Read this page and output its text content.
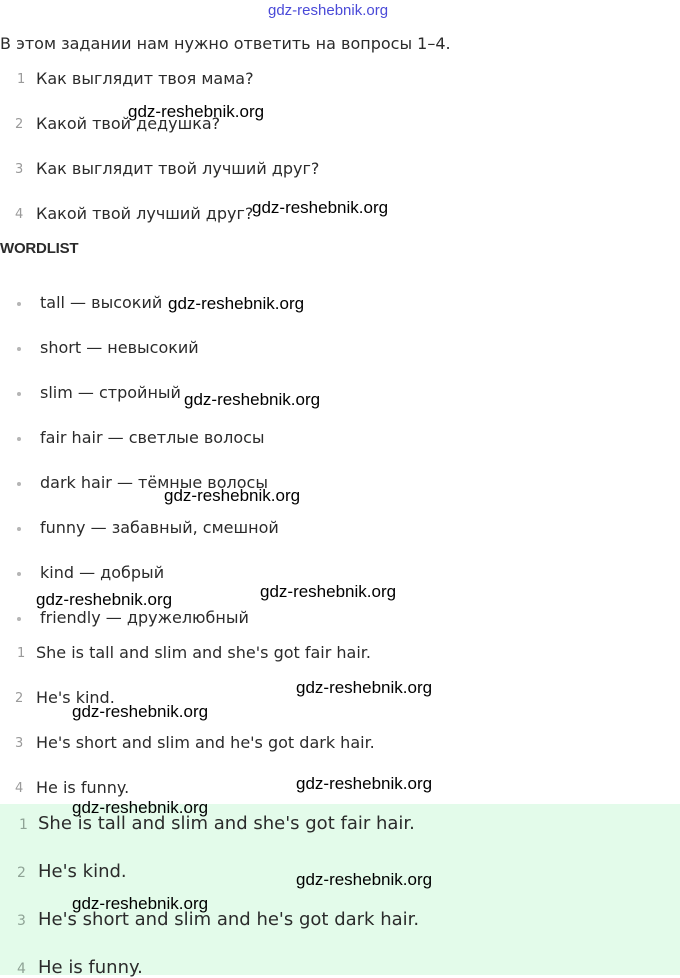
gdz-reshebnik.org
В этом задании нам нужно ответить на вопросы 1–4.
1 Как выглядит твоя мама?
2 Какой твой дедушка?
3 Как выглядит твой лучший друг?
4 Какой твой лучший друг?
WORDLIST
tall — высокий
short — невысокий
slim — стройный
fair hair — светлые волосы
dark hair — тёмные волосы
funny — забавный, смешной
kind — добрый
friendly — дружелюбный
1 She is tall and slim and she's got fair hair.
2 He's kind.
3 He's short and slim and he's got dark hair.
4 He is funny.
1 She is tall and slim and she's got fair hair.
2 He's kind.
3 He's short and slim and he's got dark hair.
4 He is funny.
gdz-reshebnik.org
gdz-reshebnik.org
gdz-reshebnik.org
gdz-reshebnik.org
gdz-reshebnik.org
gdz-reshebnik.org
gdz-reshebnik.org
gdz-reshebnik.org
gdz-reshebnik.org
gdz-reshebnik.org
gdz-reshebnik.org
gdz-reshebnik.org
gdz-reshebnik.org
